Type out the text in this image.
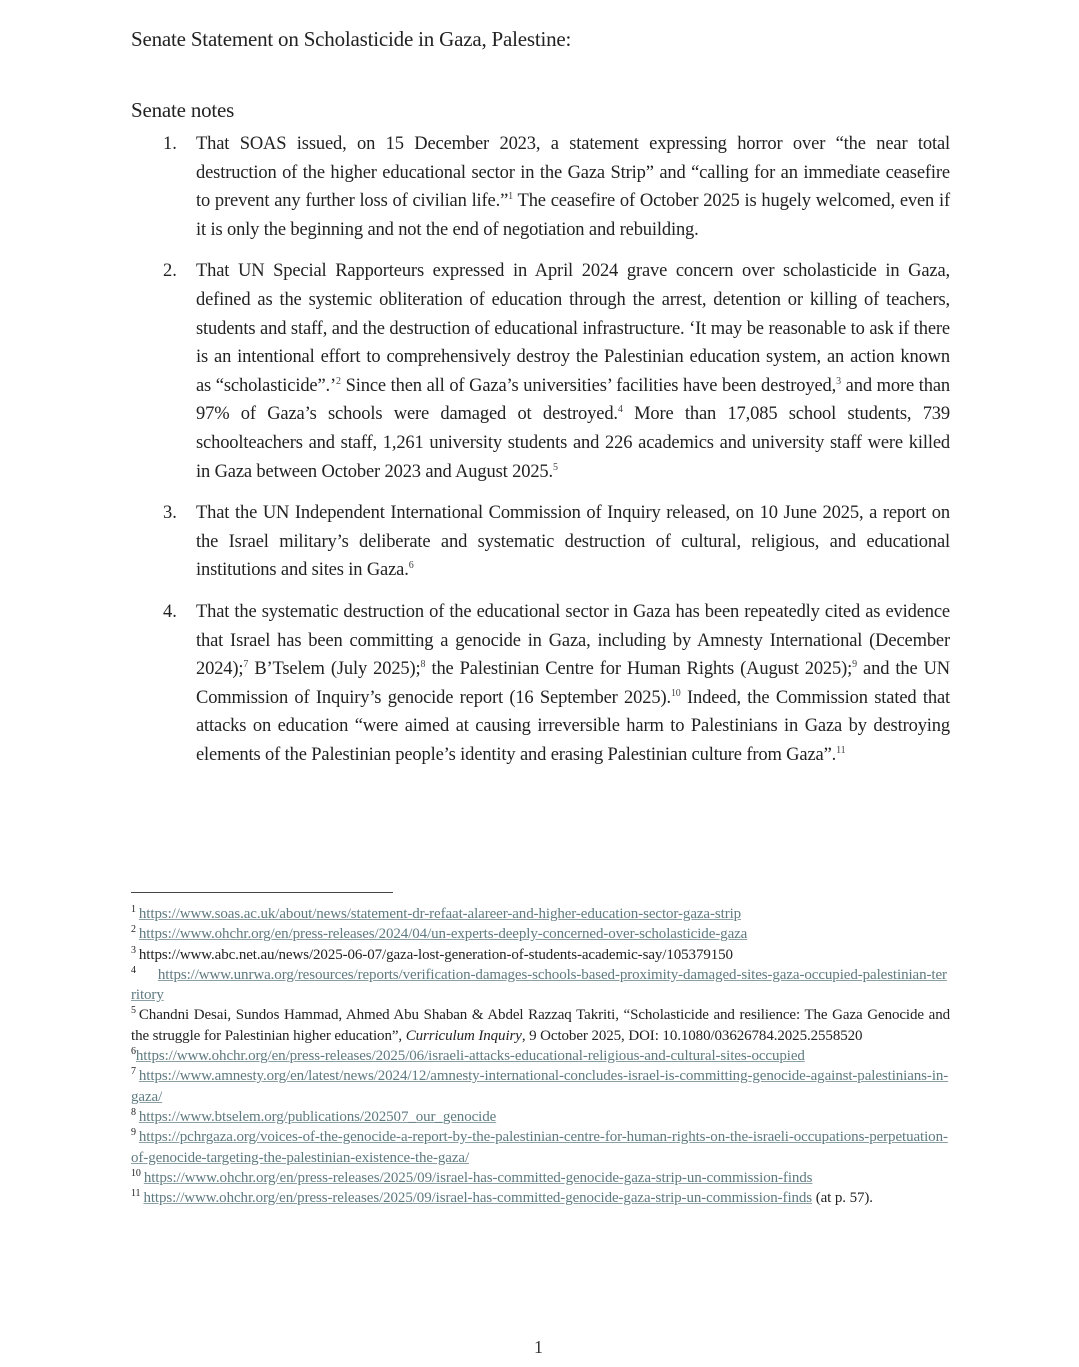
Senate Statement on Scholasticide in Gaza, Palestine:
Senate notes
1. That SOAS issued, on 15 December 2023, a statement expressing horror over “the near total destruction of the higher educational sector in the Gaza Strip” and “calling for an immediate ceasefire to prevent any further loss of civilian life.”$^1$ The ceasefire of October 2025 is hugely welcomed, even if it is only the beginning and not the end of negotiation and rebuilding.
2. That UN Special Rapporteurs expressed in April 2024 grave concern over scholasticide in Gaza, defined as the systemic obliteration of education through the arrest, detention or killing of teachers, students and staff, and the destruction of educational infrastructure. ‘It may be reasonable to ask if there is an intentional effort to comprehensively destroy the Palestinian education system, an action known as “scholasticide”.’$^2$ Since then all of Gaza’s universities’ facilities have been destroyed,$^3$ and more than 97% of Gaza’s schools were damaged ot destroyed.$^4$ More than 17,085 school students, 739 schoolteachers and staff, 1,261 university students and 226 academics and university staff were killed in Gaza between October 2023 and August 2025.$^5$
3. That the UN Independent International Commission of Inquiry released, on 10 June 2025, a report on the Israel military’s deliberate and systematic destruction of cultural, religious, and educational institutions and sites in Gaza.$^6$
4. That the systematic destruction of the educational sector in Gaza has been repeatedly cited as evidence that Israel has been committing a genocide in Gaza, including by Amnesty International (December 2024);$^7$ B’Tselem (July 2025);$^8$ the Palestinian Centre for Human Rights (August 2025);$^9$ and the UN Commission of Inquiry’s genocide report (16 September 2025).$^{10}$ Indeed, the Commission stated that attacks on education “were aimed at causing irreversible harm to Palestinians in Gaza by destroying elements of the Palestinian people’s identity and erasing Palestinian culture from Gaza”.$^{11}$
$^1$ https://www.soas.ac.uk/about/news/statement-dr-refaat-alareer-and-higher-education-sector-gaza-strip
$^2$ https://www.ohchr.org/en/press-releases/2024/04/un-experts-deeply-concerned-over-scholasticide-gaza
$^3$ https://www.abc.net.au/news/2025-06-07/gaza-lost-generation-of-students-academic-say/105379150
$^4$ https://www.unrwa.org/resources/reports/verification-damages-schools-based-proximity-damaged-sites-gaza-occupied-palestinian-territory
$^5$ Chandni Desai, Sundos Hammad, Ahmed Abu Shaban & Abdel Razzaq Takriti, “Scholasticide and resilience: The Gaza Genocide and the struggle for Palestinian higher education”, Curriculum Inquiry, 9 October 2025, DOI: 10.1080/03626784.2025.2558520
$^6$https://www.ohchr.org/en/press-releases/2025/06/israeli-attacks-educational-religious-and-cultural-sites-occupied
$^7$ https://www.amnesty.org/en/latest/news/2024/12/amnesty-international-concludes-israel-is-committing-genocide-against-palestinians-in-gaza/
$^8$ https://www.btselem.org/publications/202507_our_genocide
$^9$ https://pchrgaza.org/voices-of-the-genocide-a-report-by-the-palestinian-centre-for-human-rights-on-the-israeli-occupations-perpetuation-of-genocide-targeting-the-palestinian-existence-the-gaza/
$^{10}$ https://www.ohchr.org/en/press-releases/2025/09/israel-has-committed-genocide-gaza-strip-un-commission-finds
$^{11}$ https://www.ohchr.org/en/press-releases/2025/09/israel-has-committed-genocide-gaza-strip-un-commission-finds (at p. 57).
1
